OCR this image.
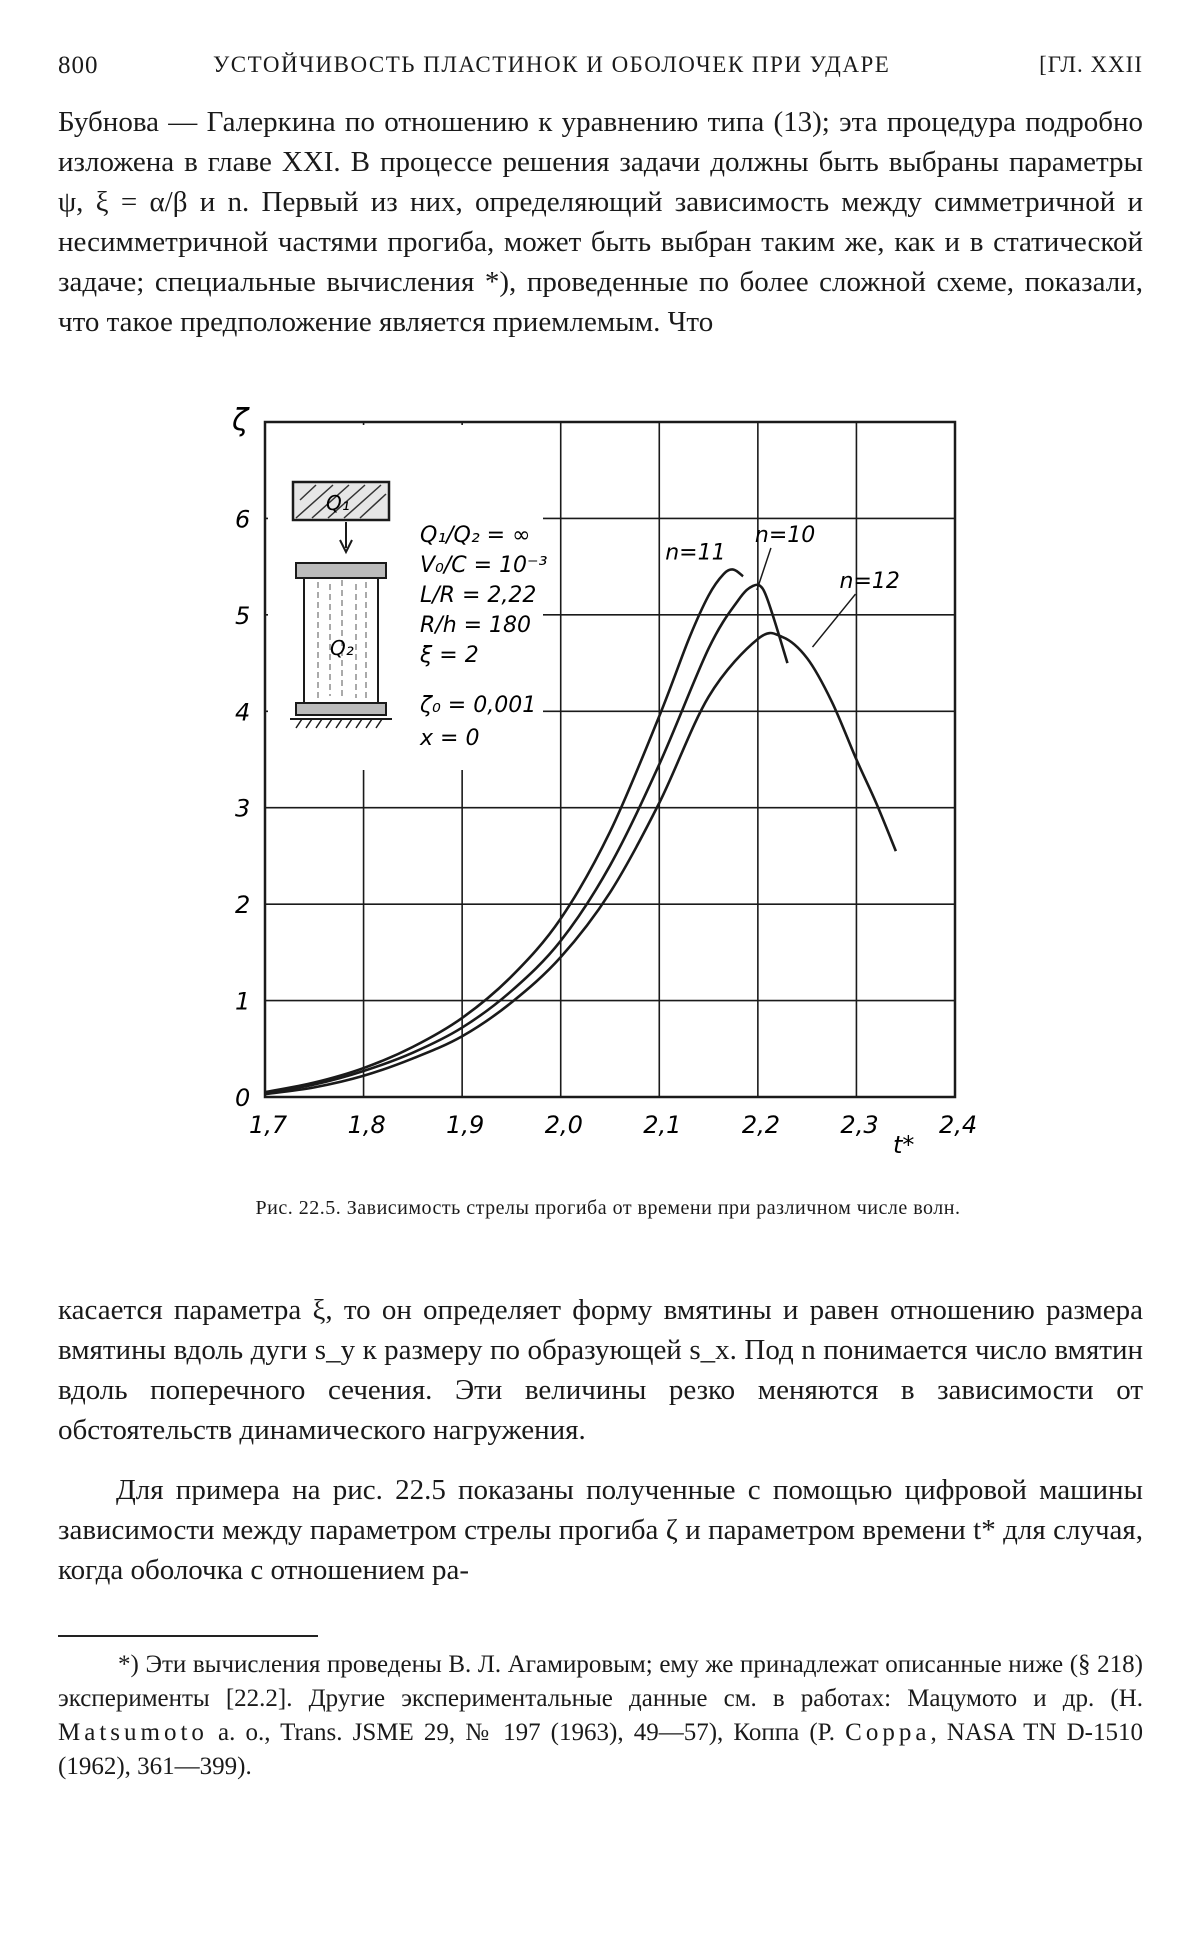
800	УСТОЙЧИВОСТЬ ПЛАСТИНОК И ОБОЛОЧЕК ПРИ УДАРЕ	[ГЛ. XXII

Бубнова — Галеркина по отношению к уравнению типа (13); эта процедура подробно изложена в главе XXI. В процессе решения задачи должны быть выбраны параметры ψ, ξ = α/β и n. Первый из них, определяющий зависимость между симметричной и несимметричной частями прогиба, может быть выбран таким же, как и в статической задаче; специальные вычисления *), проведенные по более сложной схеме, показали, что такое предположение является приемлемым. Что

1,7	1,8	1,9	2,0	2,1	2,2	2,3	2,4
0
1
2
3
4
5
6
ζ
t*
Q₁
Q₂
Q₁/Q₂ = ∞
V₀/C = 10⁻³
L/R = 2,22
R/h = 180
ξ = 2
ζ₀ = 0,001
x = 0
n=11
n=10
n=12
Рис. 22.5. Зависимость стрелы прогиба от времени при различном числе волн.

касается параметра ξ, то он определяет форму вмятины и равен отношению размера вмятины вдоль дуги s_y к размеру по образующей s_x. Под n понимается число вмятин вдоль поперечного сечения. Эти величины резко меняются в зависимости от обстоятельств динамического нагружения.

Для примера на рис. 22.5 показаны полученные с помощью цифровой машины зависимости между параметром стрелы прогиба ζ и параметром времени t* для случая, когда оболочка с отношением ра-

*) Эти вычисления проведены В. Л. Агамировым; ему же принадлежат описанные ниже (§ 218) эксперименты [22.2]. Другие экспериментальные данные см. в работах: Мацумото и др. (H. Matsumoto a. o., Trans. JSME 29, № 197 (1963), 49—57), Коппа (P. Coppa, NASA TN D-1510 (1962), 361—399).
